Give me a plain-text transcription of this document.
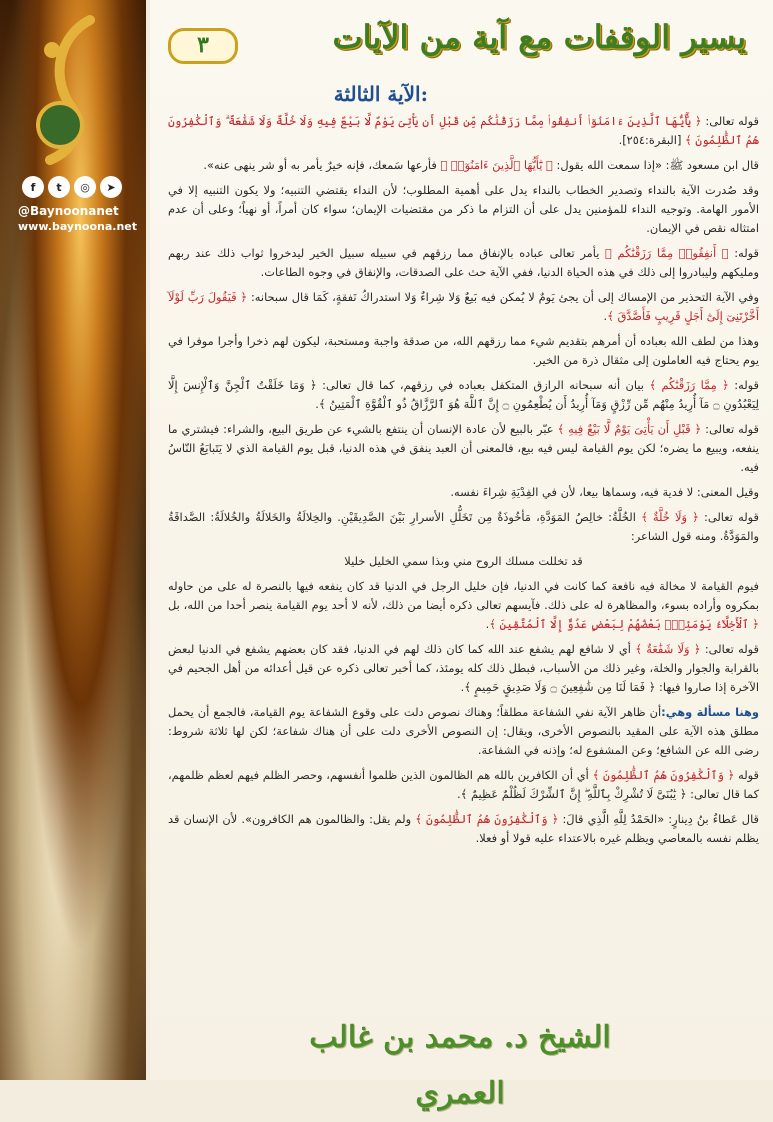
f	t	◎	➤
@Baynoonanet
www.baynoona.net
٣	يسير الوقفات مع آية من الآيات
الآية الثالثة:

قوله تعالى: ﴿ يَٰٓأَيُّهَا ٱلَّذِينَ ءَامَنُوٓا۟ أَنفِقُوا۟ مِمَّا رَزَقْنَٰكُم مِّن قَبْلِ أَن يَأْتِىَ يَوْمٌ لَّا بَيْعٌ فِيهِ وَلَا خُلَّةٌ وَلَا شَفَٰعَةٌ ۗ وَٱلْكَٰفِرُونَ هُمُ ٱلظَّٰلِمُونَ ﴾ [البقرة:٢٥٤].

قال ابن مسعود ﷺ: «إذا سمعت الله يقول: ﴿ يَٰٓأَيُّهَا ٱلَّذِينَ ءَامَنُوٓا۟ ﴾ فأرعها سَمعك، فإنه خيرٌ يأمر به أو شر ينهى عنه».

وقد صُدرت الآية بالنداء وتصدير الخطاب بالنداء يدل على أهمية المطلوب؛ لأن النداء يقتضي التنبيه؛ ولا يكون التنبيه إلا في الأمور الهامة. وتوجيه النداء للمؤمنين يدل على أن التزام ما ذكر من مقتضيات الإيمان؛ سواء كان أمراً، أو نهياً؛ وعلى أن عدم امتثاله نقص في الإيمان.

قوله: ﴿ أَنفِقُوا۟ مِمَّا رَزَقْنَٰكُم ﴾ يأمر تعالى عباده بالإنفاق مما رزقهم في سبيله سبيل الخير ليدخروا ثواب ذلك عند ربهم ومليكهم وليبادروا إلى ذلك في هذه الحياة الدنيا، ففي الآية حث على الصدقات، والإنفاق في وجوه الطاعات.

وفي الآية التحذير من الإمساك إلى أن يجئ يَومٌ لا يُمكن فيه بَيعٌ وَلا شِراءٌ وَلا استدراكُ نَفقةٍ، كَمَا قال سبحانه: ﴿ فَيَقُولَ رَبِّ لَوْلَآ أَخَّرْتَنِىٓ إِلَىٰٓ أَجَلٍ قَرِيبٍ فَأَصَّدَّقَ ﴾.

وهذا من لطف الله بعباده أن أمرهم بتقديم شيء مما رزقهم الله، من صدقة واجبة ومستحبة، ليكون لهم ذخرا وأجرا موفرا في يوم يحتاج فيه العاملون إلى مثقال ذرة من الخير.

قوله: ﴿ مِمَّا رَزَقْنَٰكُم ﴾ بيان أنه سبحانه الرازق المتكفل بعباده في رزقهم، كما قال تعالى: ﴿ وَمَا خَلَقْتُ ٱلْجِنَّ وَٱلْإِنسَ إِلَّا لِيَعْبُدُونِ ۝ مَآ أُرِيدُ مِنْهُم مِّن رِّزْقٍ وَمَآ أُرِيدُ أَن يُطْعِمُونِ ۝ إِنَّ ٱللَّهَ هُوَ ٱلرَّزَّاقُ ذُو ٱلْقُوَّةِ ٱلْمَتِينُ ﴾.

قوله تعالى: ﴿ قَبْلِ أَن يَأْتِىَ يَوْمٌ لَّا بَيْعٌ فِيهِ ﴾ عبّر بالبيع لأن عادة الإنسان أن ينتفع بالشيء عن طريق البيع، والشراء: فيشتري ما ينفعه، ويبيع ما يضره؛ لكن يوم القيامة ليس فيه بيع، فالمعنى أن العبد ينفق في هذه الدنيا، قبل يوم القيامة الذي لا يَتَبايَعُ النّاسُ فيه.

وقيل المعنى: لا فدية فيه، وسماها بيعا، لأن في الفِدْيَةِ شِراءَ نفسه.

قوله تعالى: ﴿ وَلَا خُلَّةٌ ﴾ الخُلَّةُ: خالِصُ المَوَدَّةِ، مَأخُوذَةٌ مِن تَخَلُّلِ الأسرارِ بَيْنَ الصَّدِيقَيْنِ. والخِلالَةُ والخَلالَةُ والخُلالَةُ: الصَّداقَةُ والمَوَدَّةُ. ومنه قول الشاعر:

قد تخللت مسلك الروح مني وبذا سمي الخليل خليلا

فيوم القيامة لا مخالة فيه نافعة كما كانت في الدنيا، فإن خليل الرجل في الدنيا قد كان ينفعه فيها بالنصرة له على من حاوله بمكروه وأراده بسوء، والمظاهرة له على ذلك. فآيسهم تعالى ذكره أيضا من ذلك، لأنه لا أحد يوم القيامة ينصر أحدا من الله، بل ﴿ ٱلْأَخِلَّآءُ يَوْمَئِذٍۭ بَعْضُهُمْ لِبَعْضٍ عَدُوٌّ إِلَّا ٱلْمُتَّقِينَ ﴾.

قوله تعالى: ﴿ وَلَا شَفَٰعَةٌ ﴾ أي لا شافع لهم يشفع عند الله كما كان ذلك لهم في الدنيا، فقد كان بعضهم يشفع في الدنيا لبعض بالقرابة والجوار والخلة، وغير ذلك من الأسباب، فبطل ذلك كله يومئذ، كما أخبر تعالى ذكره عن قيل أعدائه من أهل الجحيم في الآخرة إذا صاروا فيها: ﴿ فَمَا لَنَا مِن شَٰفِعِينَ ۝ وَلَا صَدِيقٍ حَمِيمٍ ﴾.

وهنا مسألة وهي:أن ظاهر الآية نفي الشفاعة مطلقاً؛ وهناك نصوص دلت على وقوع الشفاعة يوم القيامة، فالجمع أن يحمل مطلق هذه الآية على المقيد بالنصوص الأخرى، ويقال: إن النصوص الأخرى دلت على أن هناك شفاعة؛ لكن لها ثلاثة شروط: رضى الله عن الشافع؛ وعن المشفوع له؛ وإذنه في الشفاعة.

قوله ﴿ وَٱلْكَٰفِرُونَ هُمُ ٱلظَّٰلِمُونَ ﴾ أي أن الكافرين بالله هم الظالمون الذين ظلموا أنفسهم، وحصر الظلم فيهم لعظم ظلمهم، كما قال تعالى: ﴿ يَٰبُنَىَّ لَا تُشْرِكْ بِٱللَّهِ ۖ إِنَّ ٱلشِّرْكَ لَظُلْمٌ عَظِيمٌ ﴾.

قال عَطاءُ بنُ دِينارٍ: «الحَمْدُ لِلَّهِ الَّذِي قالَ: ﴿ وَٱلْكَٰفِرُونَ هُمُ ٱلظَّٰلِمُونَ ﴾ ولم يقل: والظالمون هم الكافرون». لأن الإنسان قد يظلم نفسه بالمعاصي ويظلم غيره بالاعتداء عليه قولا أو فعلا.

الشيخ د. محمد بن غالب العمري
